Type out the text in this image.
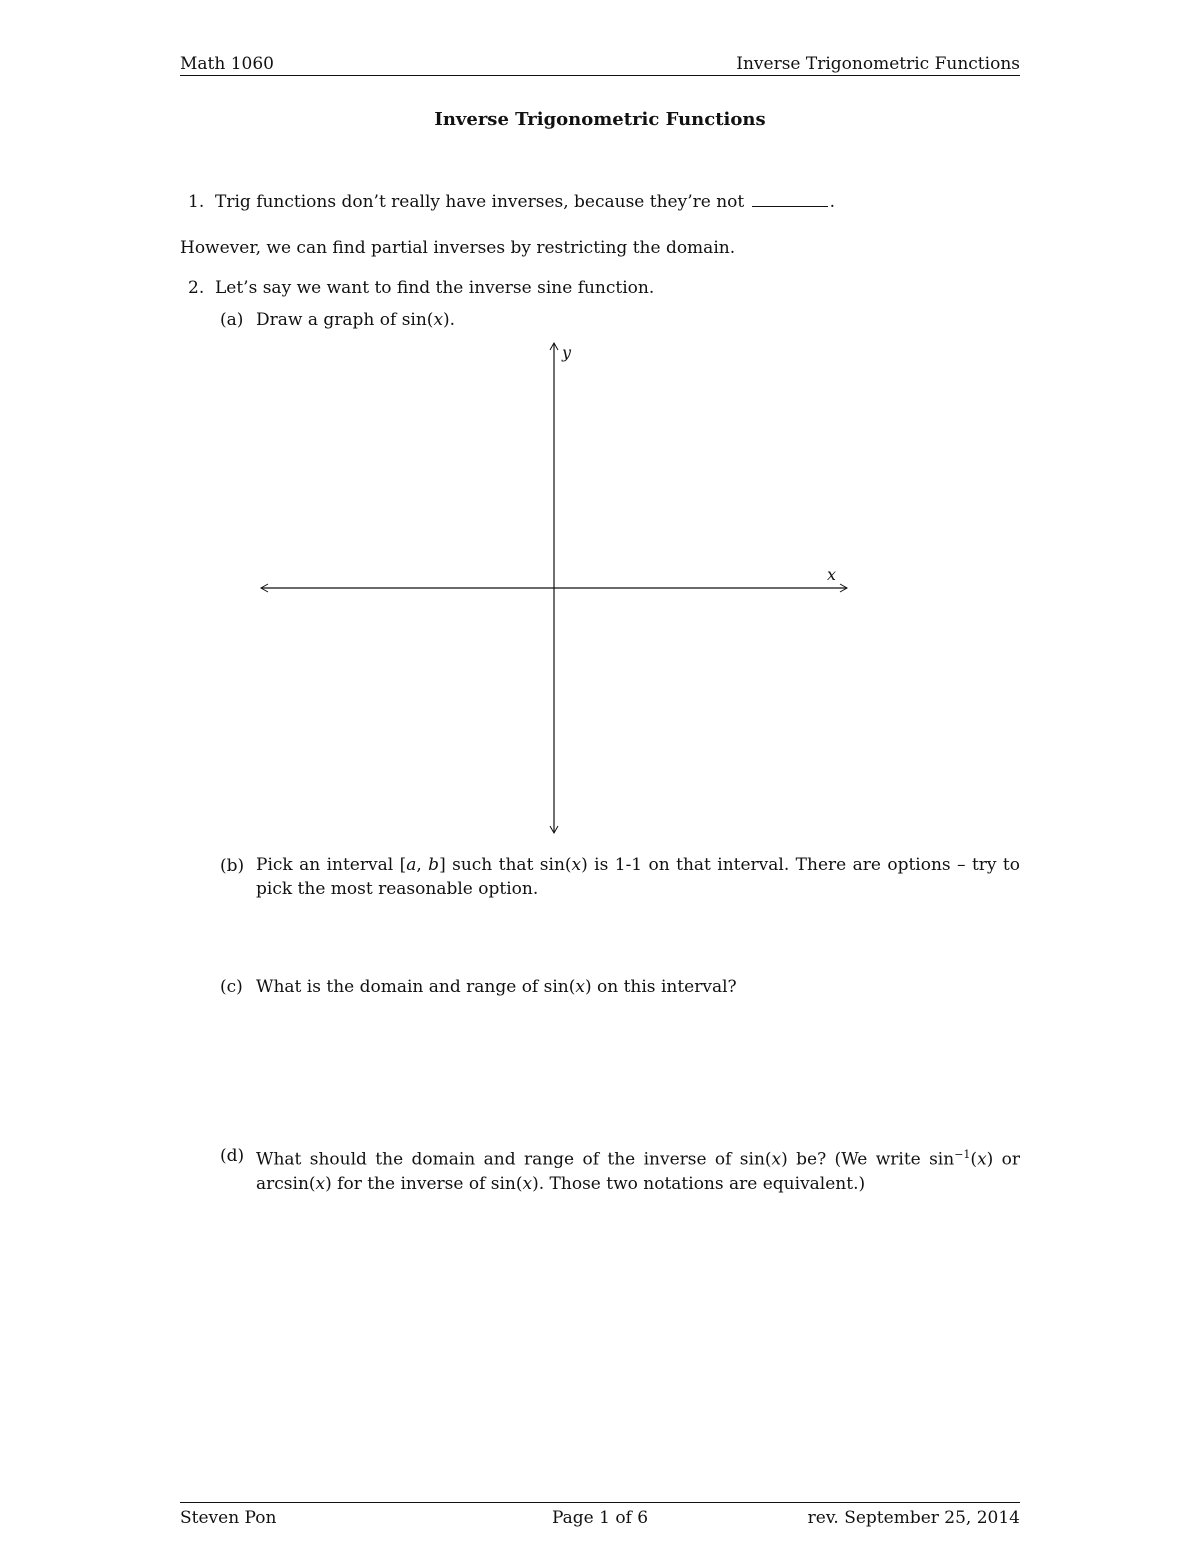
Math 1060	Inverse Trigonometric Functions
Inverse Trigonometric Functions
1. Trig functions don’t really have inverses, because they’re not	.
However, we can find partial inverses by restricting the domain.
2. Let’s say we want to find the inverse sine function.
(a) Draw a graph of sin(x).
y
x
(b) Pick an interval [a, b] such that sin(x) is 1-1 on that interval. There are options – try to pick the most reasonable option.
(c) What is the domain and range of sin(x) on this interval?
(d) What should the domain and range of the inverse of sin(x) be? (We write $\sin^{-1}(x)$ or arcsin(x) for the inverse of sin(x). Those two notations are equivalent.)
Steven Pon	Page 1 of 6	rev. September 25, 2014
